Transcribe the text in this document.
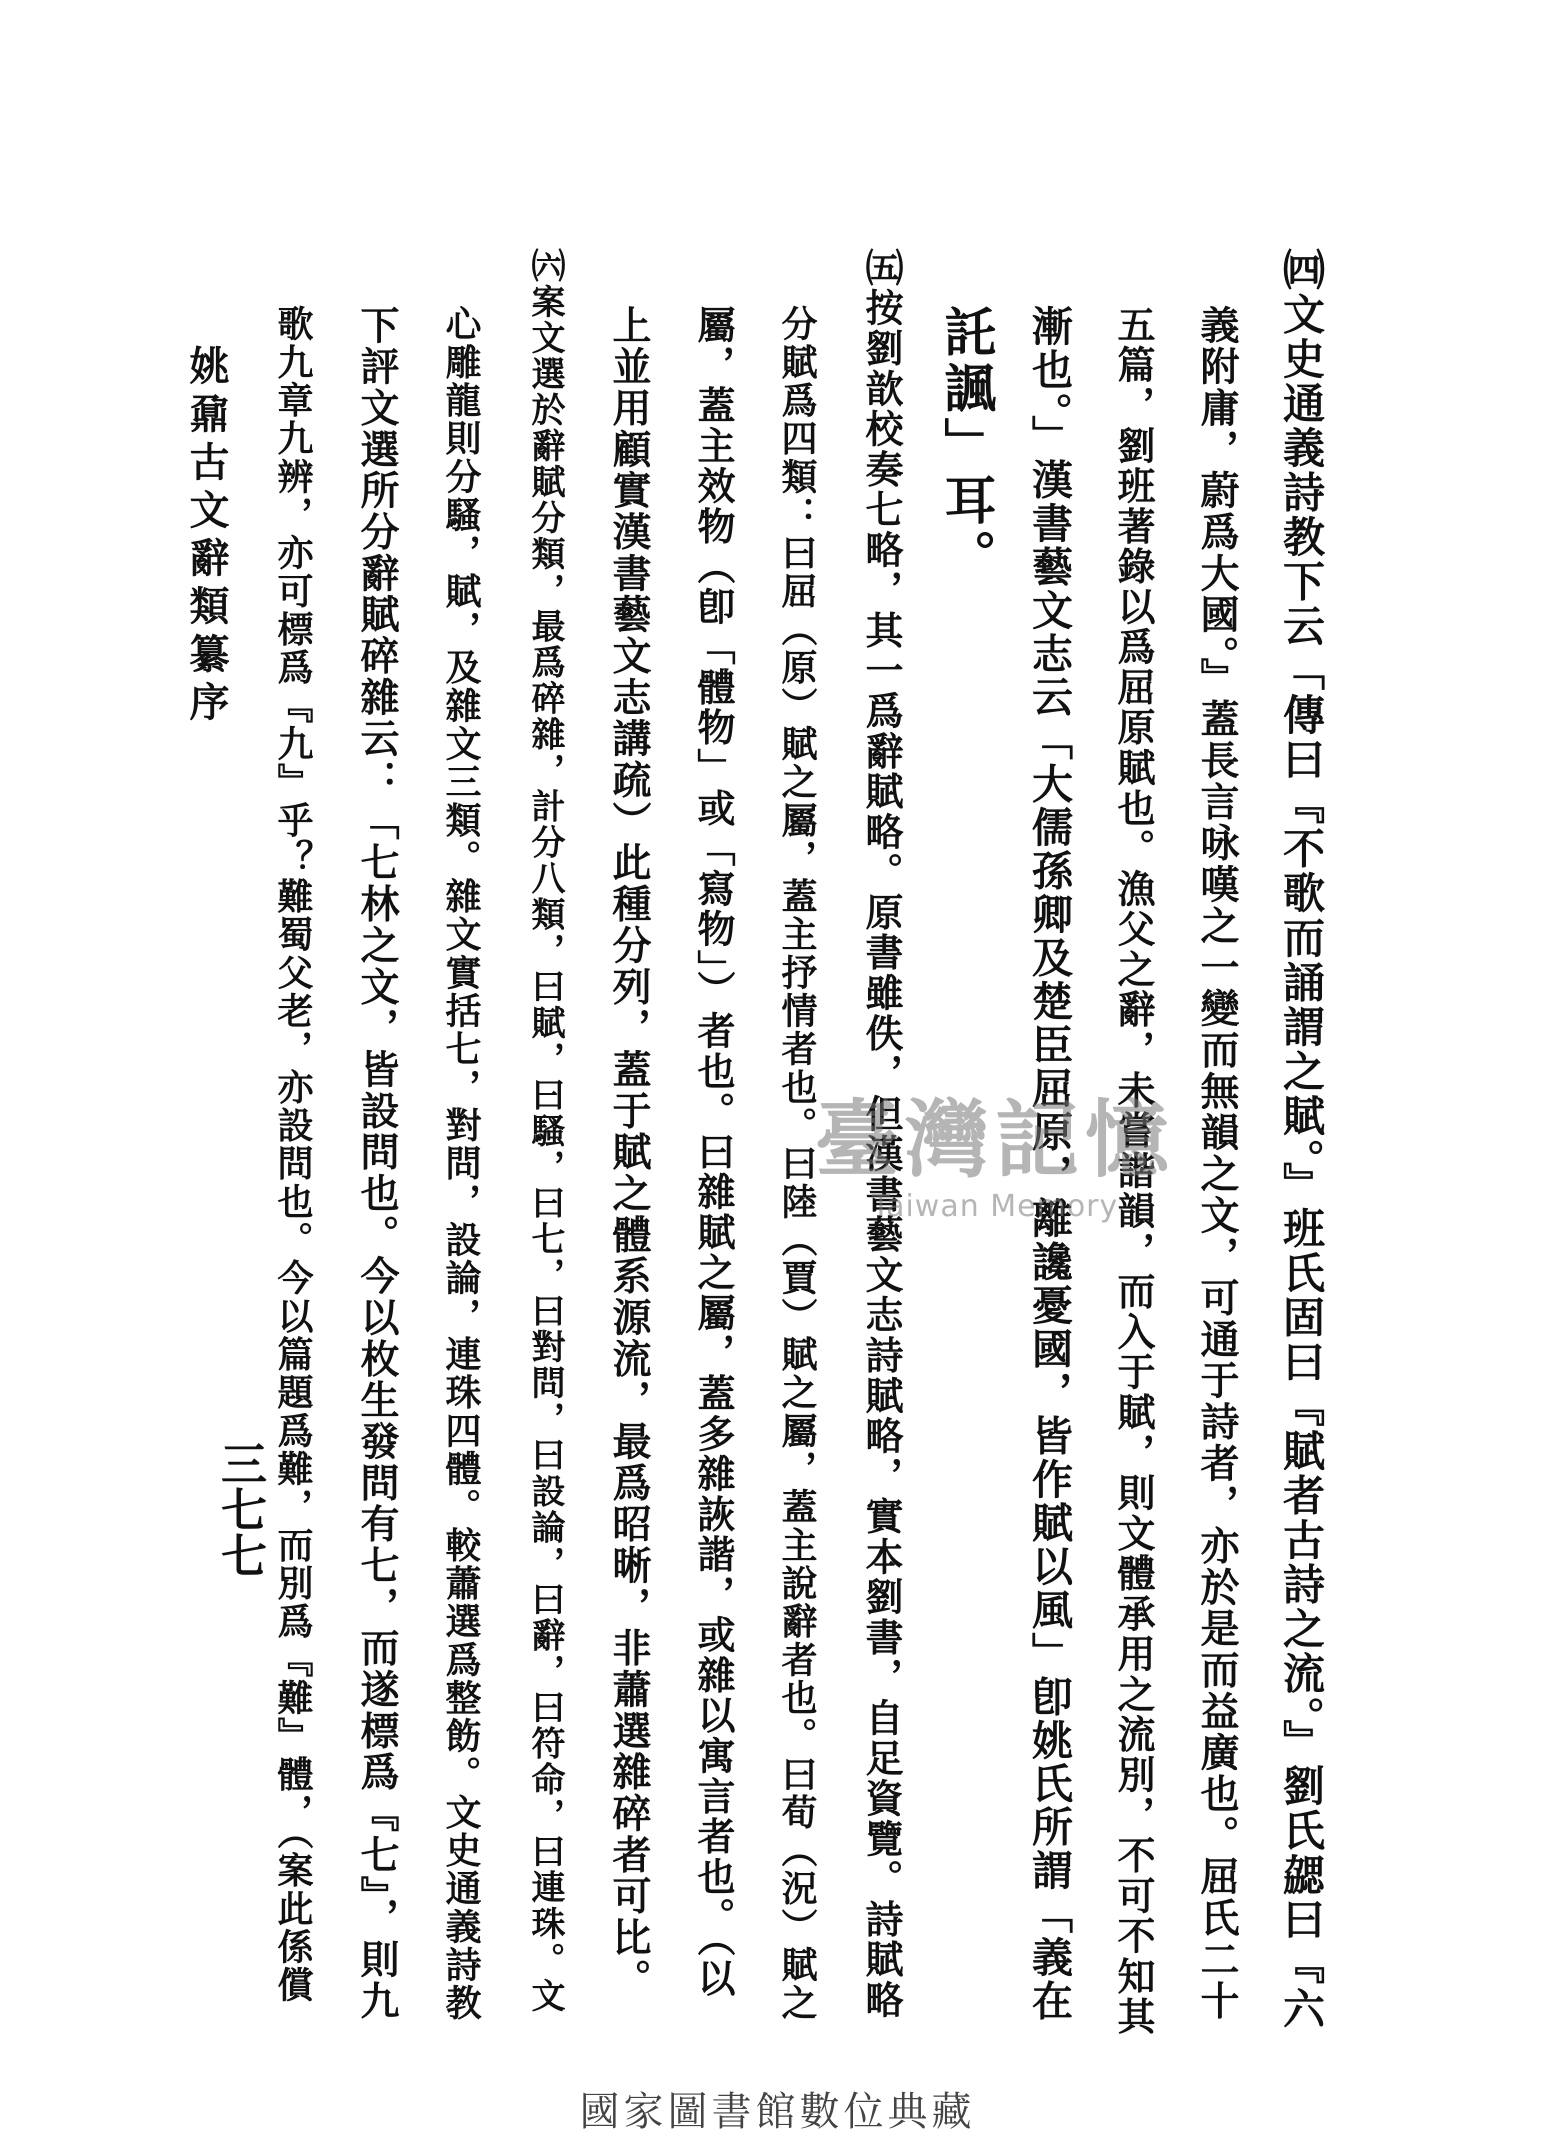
㈣文史通義詩教下云「傳曰『不歌而誦謂之賦。』班氏固曰『賦者古詩之流。』劉氏勰曰『六
義附庸，蔚爲大國。』蓋長言咏嘆之一變而無韻之文，可通于詩者，亦於是而益廣也。屈氏二十
五篇，劉班著錄以爲屈原賦也。漁父之辭，未嘗諧韻，而入于賦，則文體承用之流別，不可不知其
漸也。」漢書藝文志云「大儒孫卿及楚臣屈原，離讒憂國，皆作賦以風」卽姚氏所謂「義在
託諷」耳。
㈤按劉歆校奏七略，其一爲辭賦略。原書雖佚，但漢書藝文志詩賦略，實本劉書，自足資覽。詩賦略
分賦爲四類：曰屈（原）賦之屬，蓋主抒情者也。曰陸（賈）賦之屬，蓋主說辭者也。曰荀（況）賦之
屬，蓋主效物（卽「體物」或「寫物」）者也。曰雜賦之屬，蓋多雜詼諧，或雜以寓言者也。（以
上並用顧實漢書藝文志講疏）此種分列，蓋于賦之體系源流，最爲昭晰，非蕭選雜碎者可比。
㈥案文選於辭賦分類，最爲碎雜，計分八類，曰賦，曰騷，曰七，曰對問，曰設論，曰辭，曰符命，曰連珠。文
心雕龍則分騷，賦，及雜文三類。雜文實括七，對問，設論，連珠四體。較蕭選爲整飭。文史通義詩教
下評文選所分辭賦碎雜云：「七林之文，皆設問也。今以枚生發問有七，而遂標爲『七』，則九
歌九章九辨，亦可標爲『九』乎？難蜀父老，亦設問也。今以篇題爲難，而別爲『難』體，（案此係償
姚鼐古文辭類纂序
三七七
臺灣記憶
Taiwan Memory
國家圖書館數位典藏
